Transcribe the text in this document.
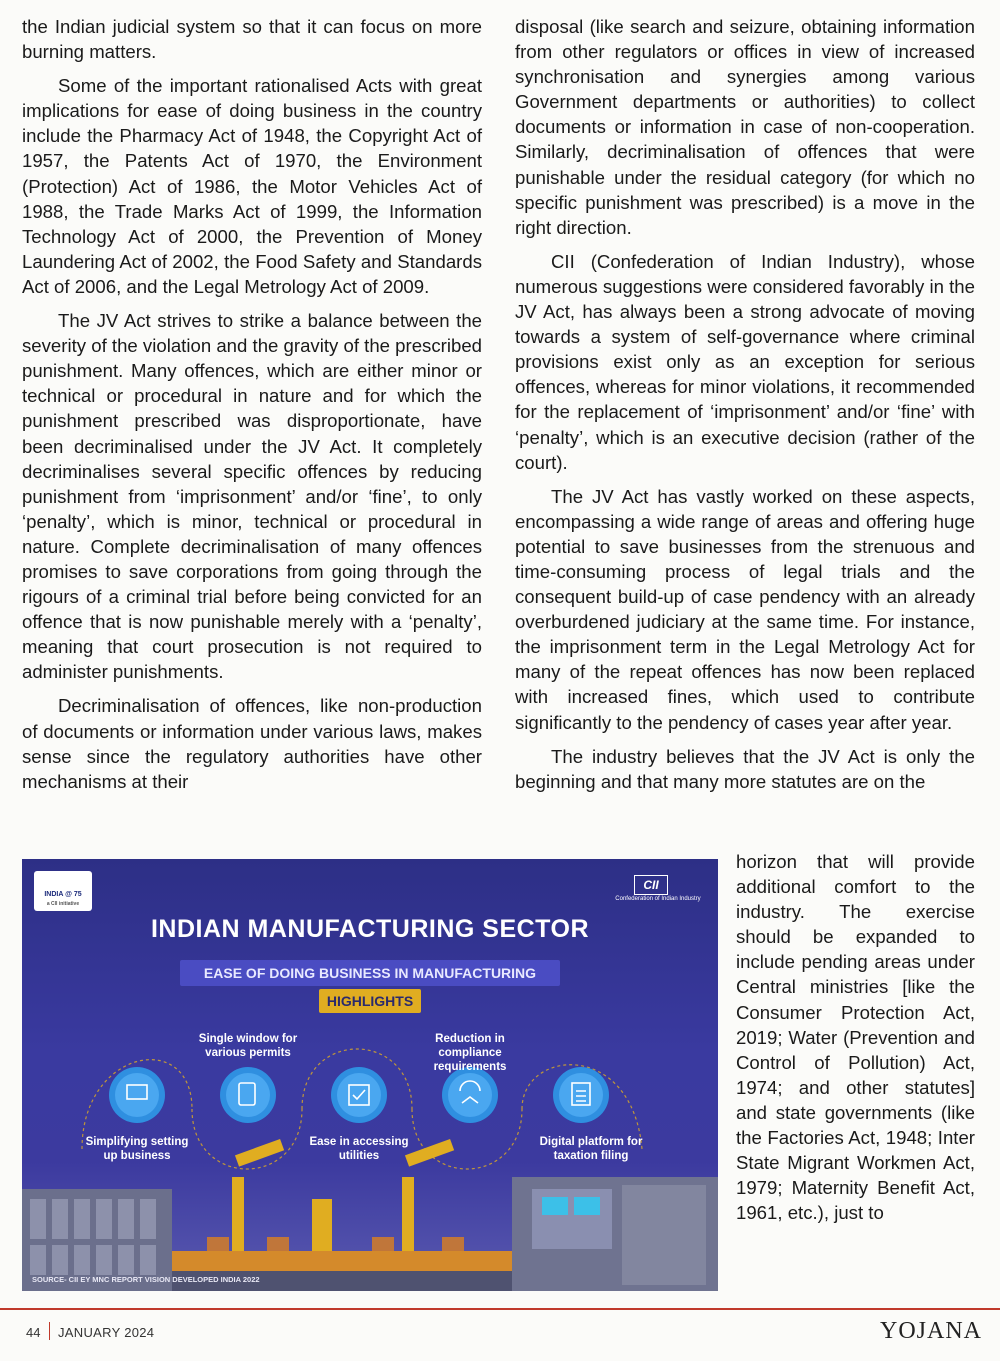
the Indian judicial system so that it can focus on more burning matters.

Some of the important rationalised Acts with great implications for ease of doing business in the country include the Pharmacy Act of 1948, the Copyright Act of 1957, the Patents Act of 1970, the Environment (Protection) Act of 1986, the Motor Vehicles Act of 1988, the Trade Marks Act of 1999, the Information Technology Act of 2000, the Prevention of Money Laundering Act of 2002, the Food Safety and Standards Act of 2006, and the Legal Metrology Act of 2009.

The JV Act strives to strike a balance between the severity of the violation and the gravity of the prescribed punishment. Many offences, which are either minor or technical or procedural in nature and for which the punishment prescribed was disproportionate, have been decriminalised under the JV Act. It completely decriminalises several specific offences by reducing punishment from ‘imprisonment’ and/or ‘fine’, to only ‘penalty’, which is minor, technical or procedural in nature. Complete decriminalisation of many offences promises to save corporations from going through the rigours of a criminal trial before being convicted for an offence that is now punishable merely with a ‘penalty’, meaning that court prosecution is not required to administer punishments.

Decriminalisation of offences, like non-production of documents or information under various laws, makes sense since the regulatory authorities have other mechanisms at their

disposal (like search and seizure, obtaining information from other regulators or offices in view of increased synchronisation and synergies among various Government departments or authorities) to collect documents or information in case of non-cooperation. Similarly, decriminalisation of offences that were punishable under the residual category (for which no specific punishment was prescribed) is a move in the right direction.

CII (Confederation of Indian Industry), whose numerous suggestions were considered favorably in the JV Act, has always been a strong advocate of moving towards a system of self-governance where criminal provisions exist only as an exception for serious offences, whereas for minor violations, it recommended for the replacement of ‘imprisonment’ and/or ‘fine’ with ‘penalty’, which is an executive decision (rather of the court).

The JV Act has vastly worked on these aspects, encompassing a wide range of areas and offering huge potential to save businesses from the strenuous and time-consuming process of legal trials and the consequent build-up of case pendency with an already overburdened judiciary at the same time. For instance, the imprisonment term in the Legal Metrology Act for many of the repeat offences has now been replaced with increased fines, which used to contribute significantly to the pendency of cases year after year.

The industry believes that the JV Act is only the beginning and that many more statutes are on the

horizon that will provide additional comfort to the industry. The exercise should be expanded to include pending areas under Central ministries [like the Consumer Protection Act, 2019; Water (Prevention and Control of Pollution) Act, 1974; and other statutes] and state governments (like the Factories Act, 1948; Inter State Migrant Workmen Act, 1979; Maternity Benefit Act, 1961, etc.), just to

INDIA @ 75
a CII initiative
CII
Confederation of Indian Industry
INDIAN MANUFACTURING SECTOR
EASE OF DOING BUSINESS IN MANUFACTURING
HIGHLIGHTS
Simplifying setting up business
Single window for various permits
Ease in accessing utilities
Reduction in compliance requirements
Digital platform for taxation filing
SOURCE- CII EY MNC REPORT VISION DEVELOPED INDIA 2022
44 JANUARY 2024	YOJANA
